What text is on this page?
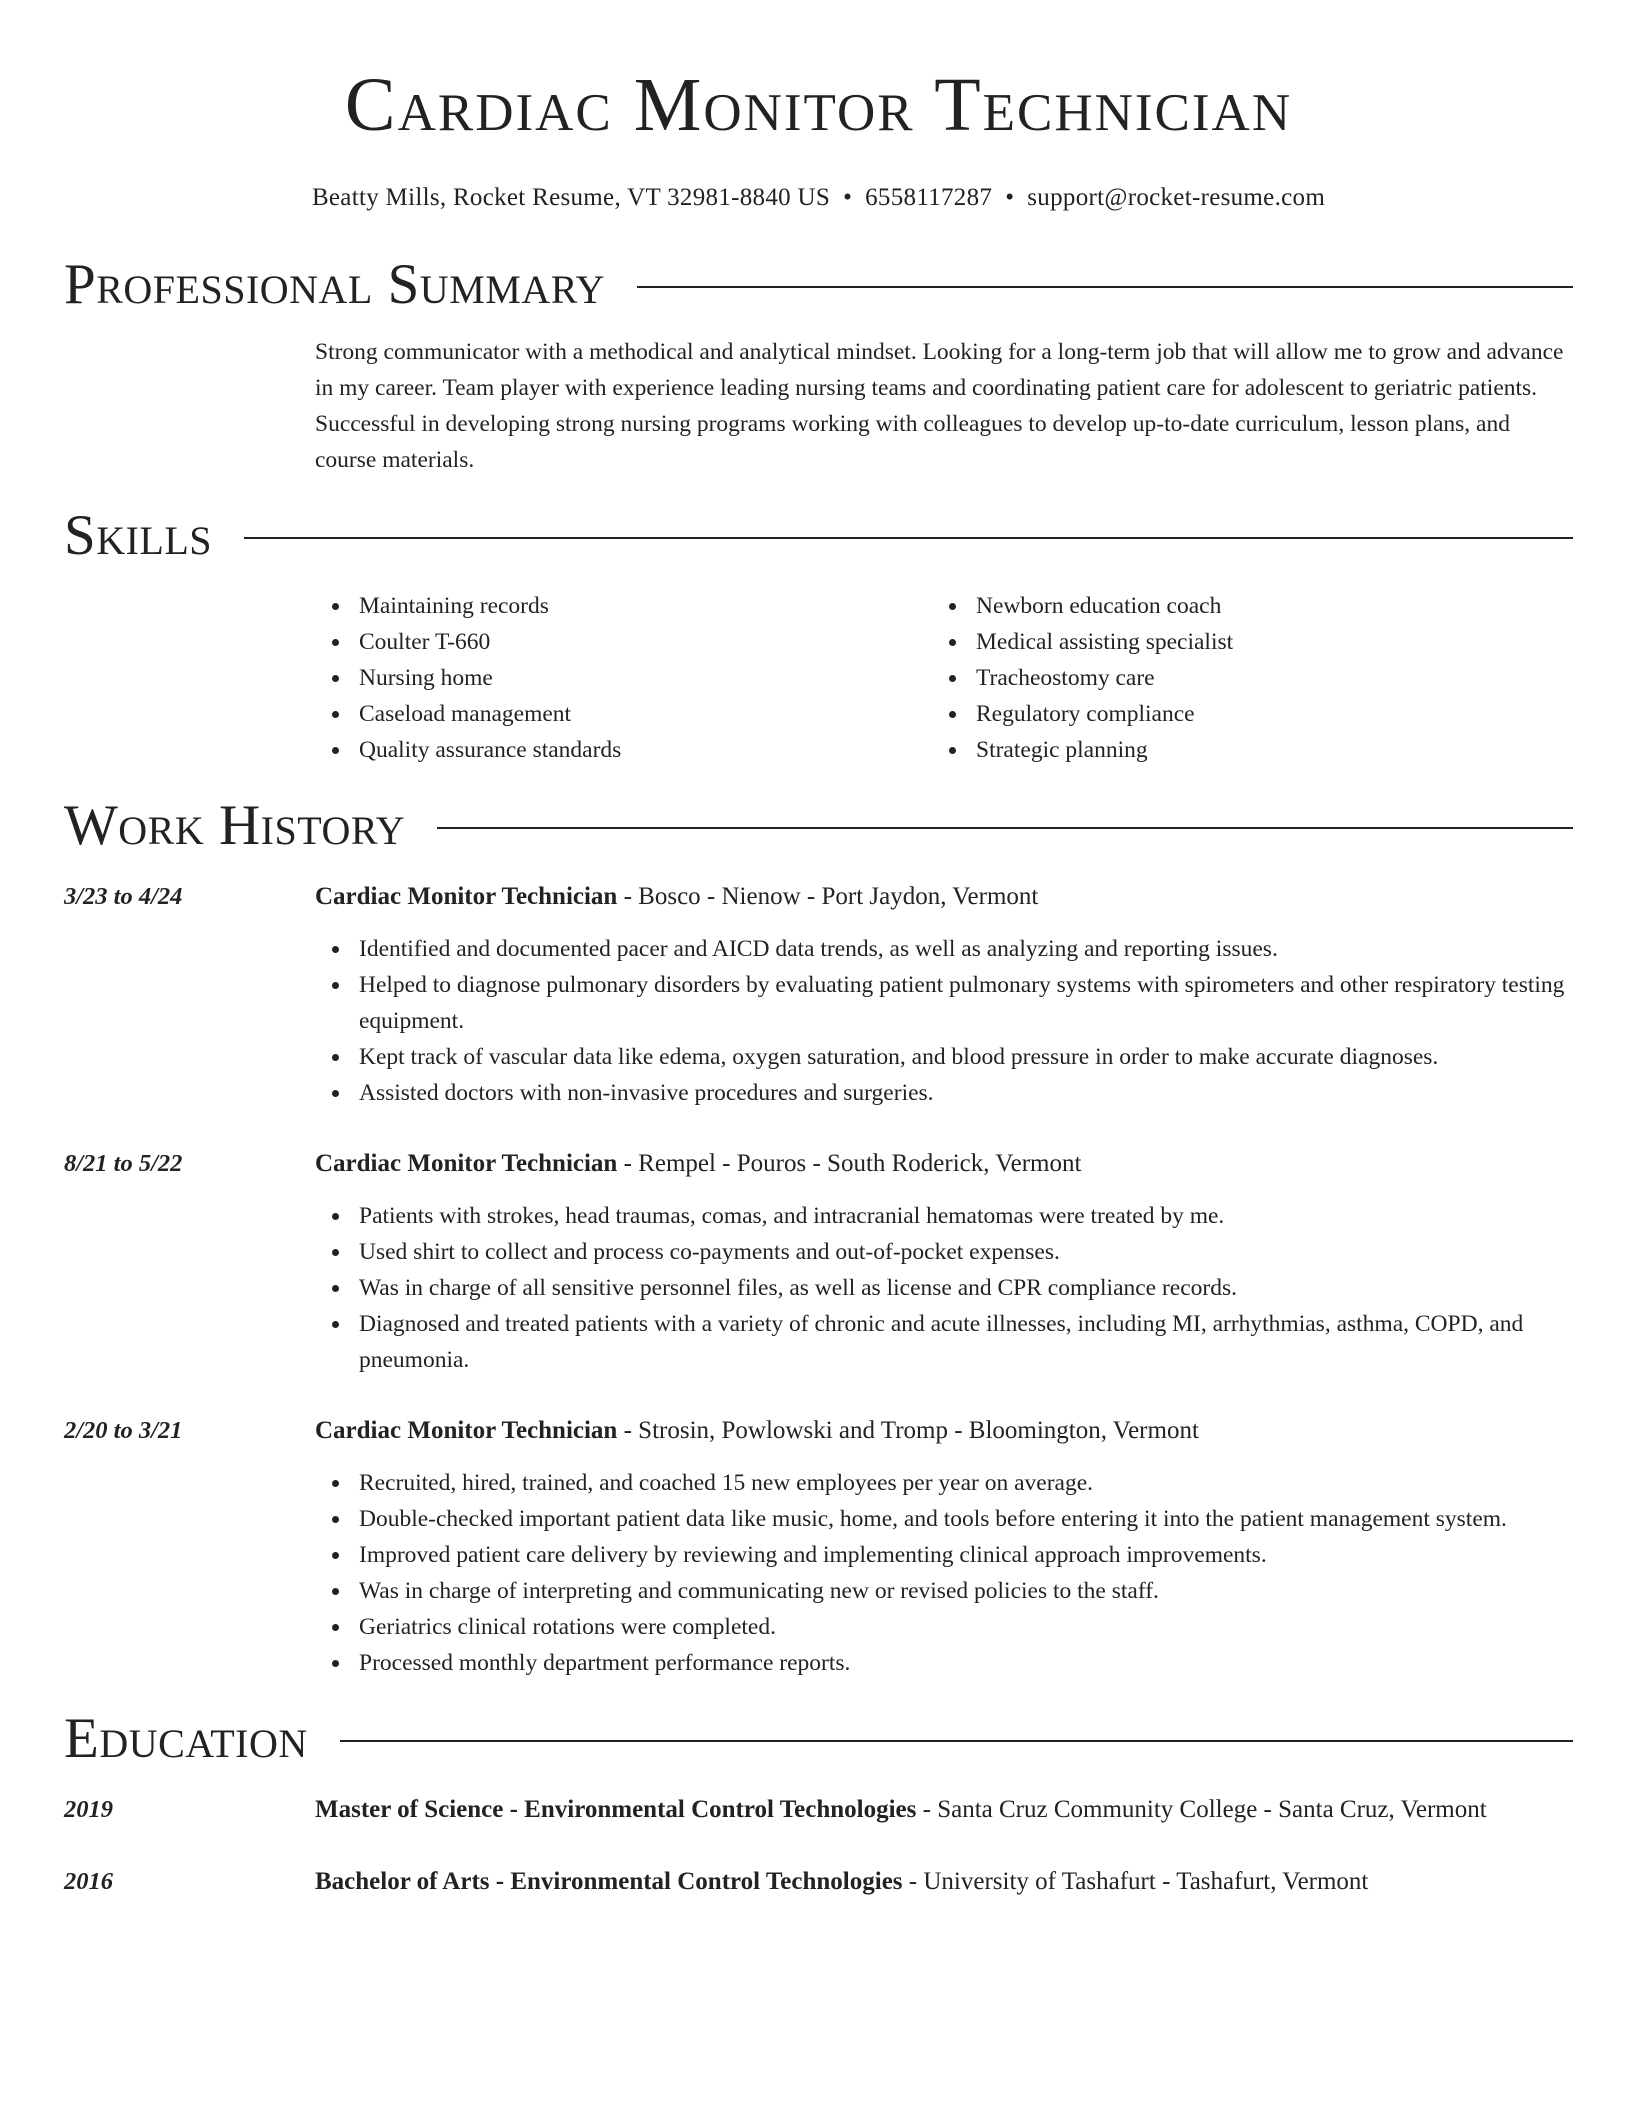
Cardiac Monitor Technician
Beatty Mills, Rocket Resume, VT 32981-8840 US • 6558117287 • support@rocket-resume.com
Professional Summary

Strong communicator with a methodical and analytical mindset. Looking for a long-term job that will allow me to grow and advance in my career. Team player with experience leading nursing teams and coordinating patient care for adolescent to geriatric patients. Successful in developing strong nursing programs working with colleagues to develop up-to-date curriculum, lesson plans, and course materials.

Skills
Maintaining records
Coulter T-660
Nursing home
Caseload management
Quality assurance standards
Newborn education coach
Medical assisting specialist
Tracheostomy care
Regulatory compliance
Strategic planning
Work History
3/23 to 4/24	Cardiac Monitor Technician - Bosco - Nienow - Port Jaydon, Vermont
Identified and documented pacer and AICD data trends, as well as analyzing and reporting issues.
Helped to diagnose pulmonary disorders by evaluating patient pulmonary systems with spirometers and other respiratory testing equipment.
Kept track of vascular data like edema, oxygen saturation, and blood pressure in order to make accurate diagnoses.
Assisted doctors with non-invasive procedures and surgeries.
8/21 to 5/22	Cardiac Monitor Technician - Rempel - Pouros - South Roderick, Vermont
Patients with strokes, head traumas, comas, and intracranial hematomas were treated by me.
Used shirt to collect and process co-payments and out-of-pocket expenses.
Was in charge of all sensitive personnel files, as well as license and CPR compliance records.
Diagnosed and treated patients with a variety of chronic and acute illnesses, including MI, arrhythmias, asthma, COPD, and pneumonia.
2/20 to 3/21	Cardiac Monitor Technician - Strosin, Powlowski and Tromp - Bloomington, Vermont
Recruited, hired, trained, and coached 15 new employees per year on average.
Double-checked important patient data like music, home, and tools before entering it into the patient management system.
Improved patient care delivery by reviewing and implementing clinical approach improvements.
Was in charge of interpreting and communicating new or revised policies to the staff.
Geriatrics clinical rotations were completed.
Processed monthly department performance reports.
Education
2019	Master of Science - Environmental Control Technologies - Santa Cruz Community College - Santa Cruz, Vermont
2016	Bachelor of Arts - Environmental Control Technologies - University of Tashafurt - Tashafurt, Vermont
